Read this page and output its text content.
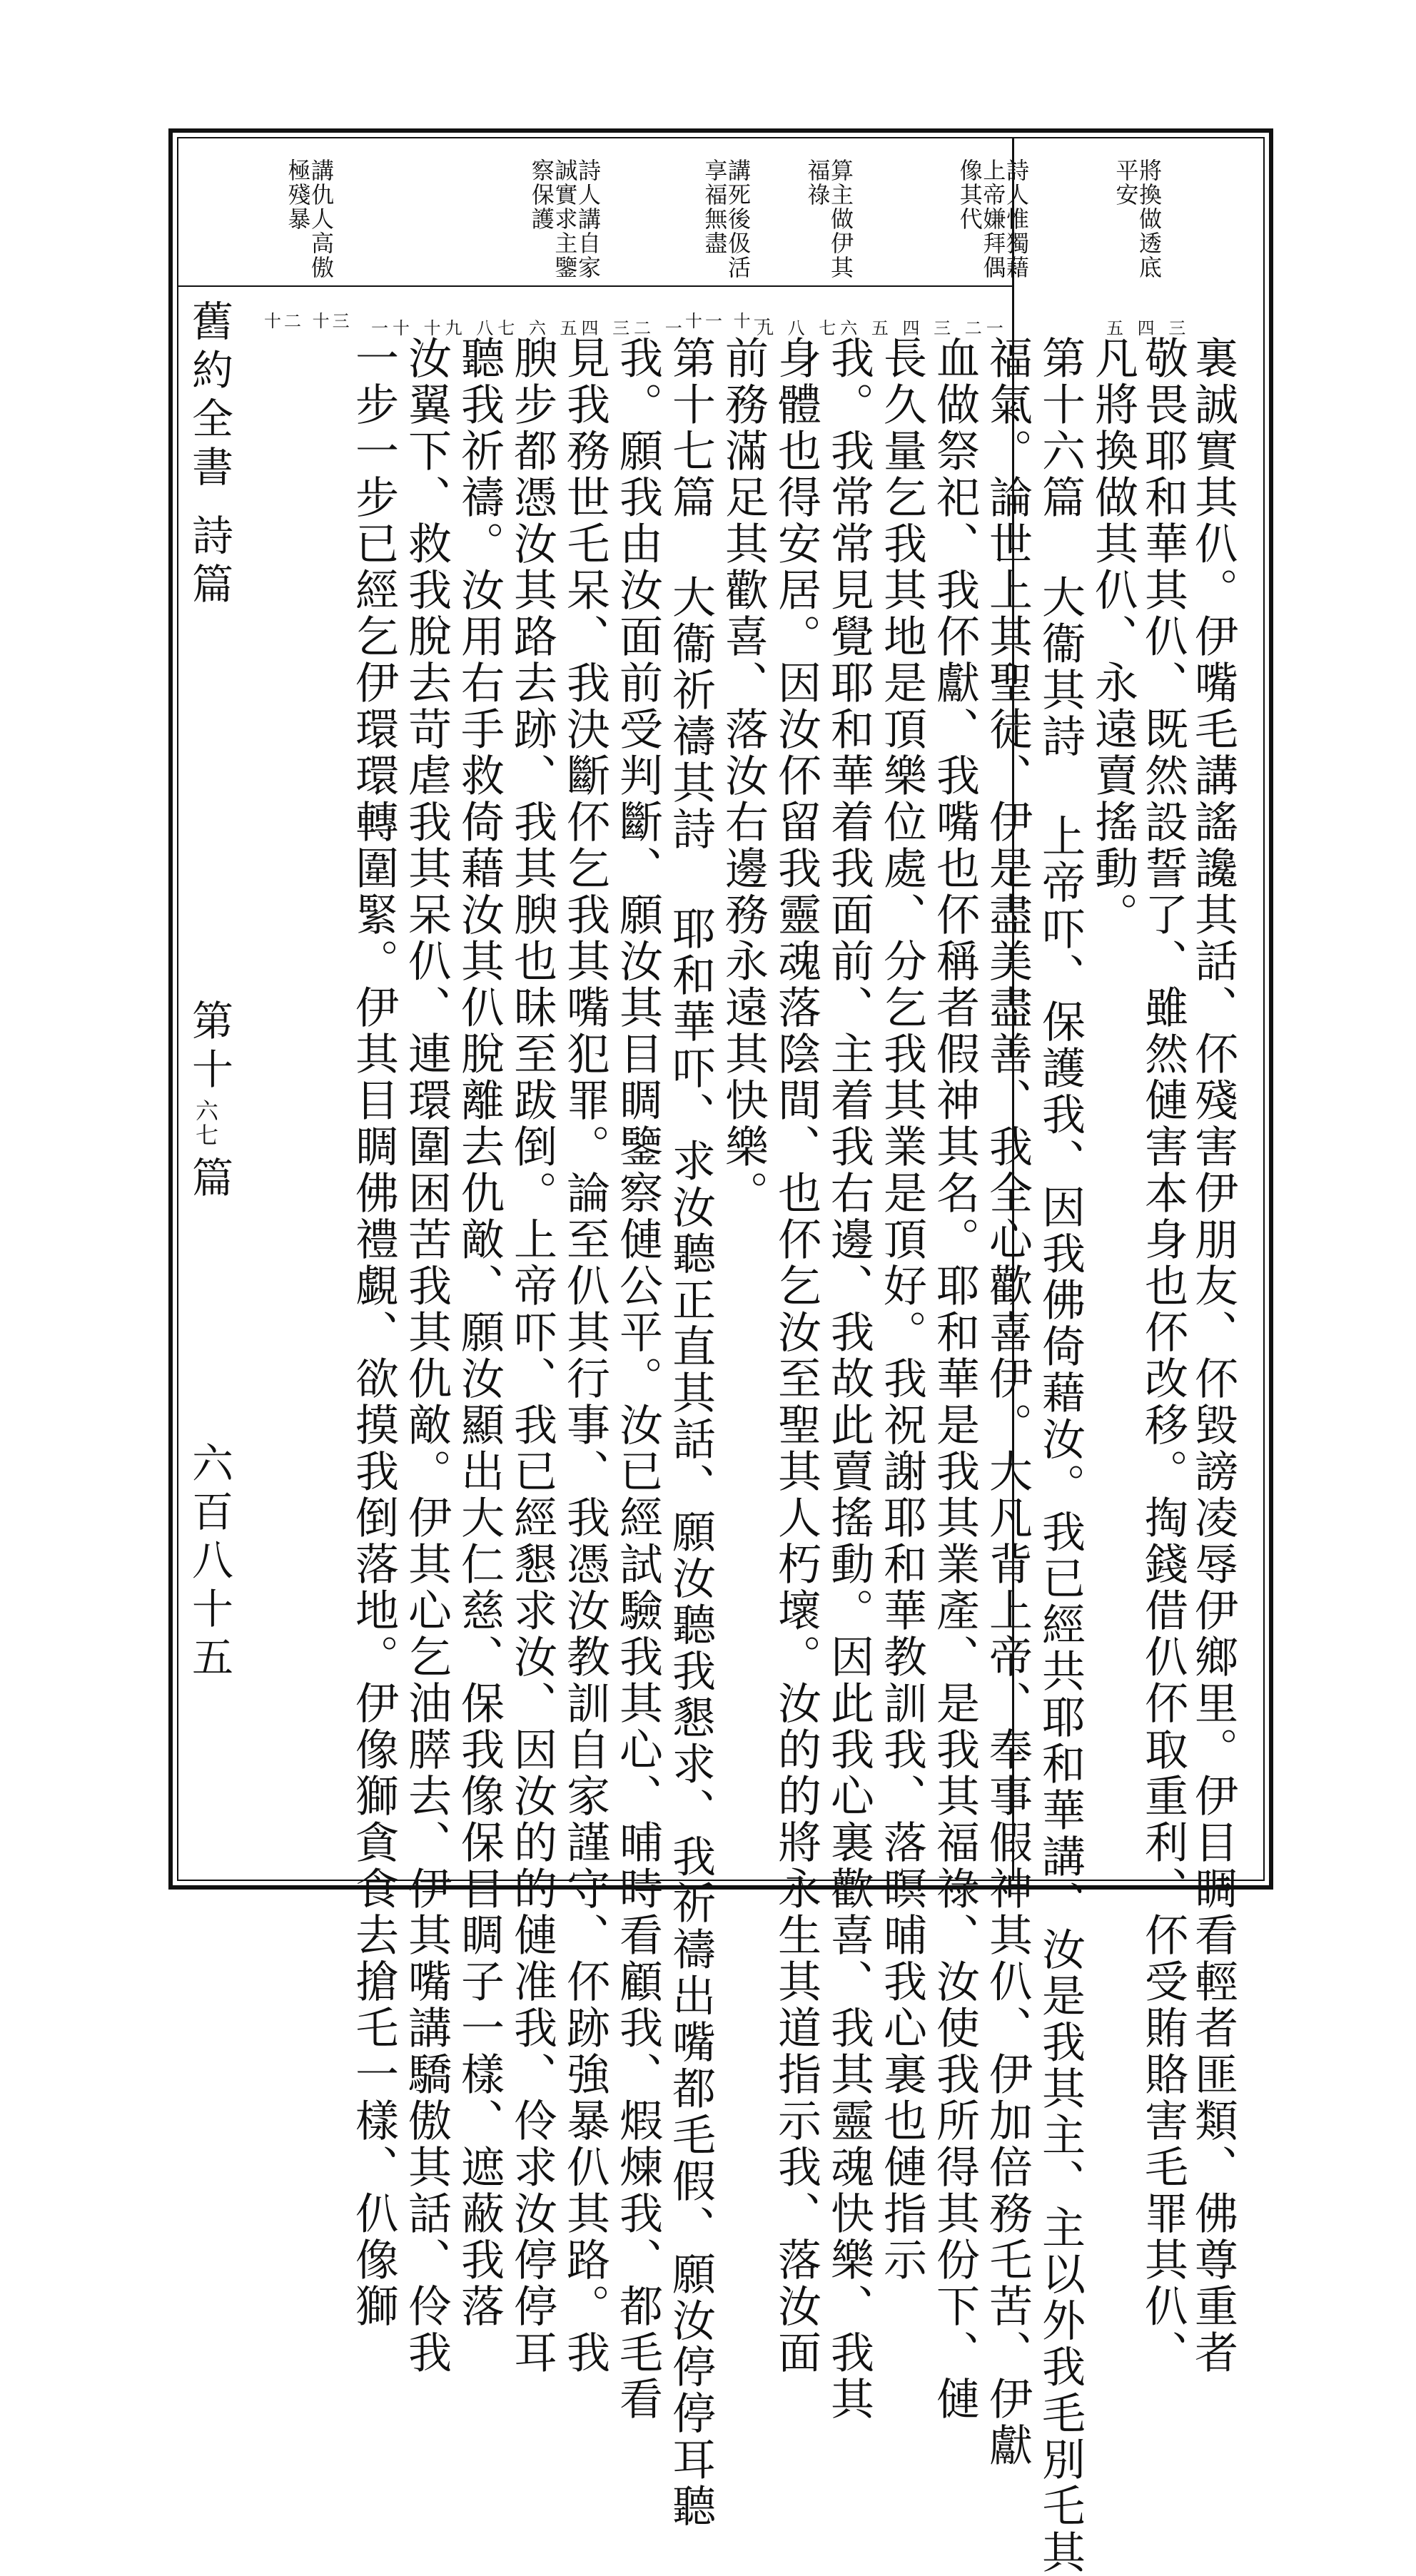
舊約全書
詩篇
第十
六七
篇
六百八十五
將換做透底平安
詩人惟獨藉上帝嫌拜偶像其代
算主做伊其福祿
講死後伋活享福無盡
詩人講自家誠實求主鑒察保護
講仇人高傲極殘暴
三 四 五
一二 三 四 五 六七 八 九
十一 十一
一 二三 四五 六 七八 九十 十一
十二 十三
裏誠實其仈。伊嘴毛講謠讒其話、伓殘害伊朋友、伓毀謗凌辱伊鄉里。伊目睭看輕者匪類、佛尊重者
敬畏耶和華其仈、既然設誓了、雖然僆害本身也伓改移。掏錢借仈伓取重利、伓受賄賂害毛罪其仈、
凡將換做其仈、永遠賣搖動。
第十六篇 大衞其詩 上帝吓、保護我、因我佛倚藉汝。我已經共耶和華講、汝是我其主、主以外我毛別乇其
福氣。論世上其聖徒、伊是盡美盡善、我全心歡喜伊。大凡背上帝、奉事假神其仈、伊加倍務乇苦、伊獻
血做祭祀、我伓獻、我嘴也伓稱者假神其名。耶和華是我其業產、是我其福祿、汝使我所得其份下、僆
長久量乞我其地是頂樂位處、分乞我其業是頂好。我祝謝耶和華教訓我、落暝晡我心裏也僆指示
我。我常常見覺耶和華着我面前、主着我右邊、我故此賣搖動。因此我心裏歡喜、我其靈魂快樂、我其
身體也得安居。因汝伓留我靈魂落陰間、也伓乞汝至聖其人朽壞。汝的的將永生其道指示我、落汝面
前務滿足其歡喜、落汝右邊務永遠其快樂。
第十七篇 大衞祈禱其詩 耶和華吓、求汝聽正直其話、願汝聽我懇求、我祈禱出嘴都毛假、願汝停停耳聽
我。願我由汝面前受判斷、願汝其目睭鑒察僆公平。汝已經試驗我其心、晡時看顧我、煆煉我、都毛看
見我務世乇呆、我決斷伓乞我其嘴犯罪。論至仈其行事、我憑汝教訓自家謹守、伓跡強暴仈其路。我
腴步都憑汝其路去跡、我其腴也昧至跋倒。上帝吓、我已經懇求汝、因汝的的僆准我、伶求汝停停耳
聽我祈禱。汝用右手救倚藉汝其仈脫離去仇敵、願汝顯出大仁慈、保我像保目睭子一樣、遮蔽我落
汝翼下、救我脫去苛虐我其呆仈、連環圍困苦我其仇敵。伊其心乞油膵去、伊其嘴講驕傲其話、伶我
一步一步已經乞伊環環轉圍緊。伊其目睭佛禮覷、欲摸我倒落地。伊像獅貪食去搶乇一樣、仈像獅
